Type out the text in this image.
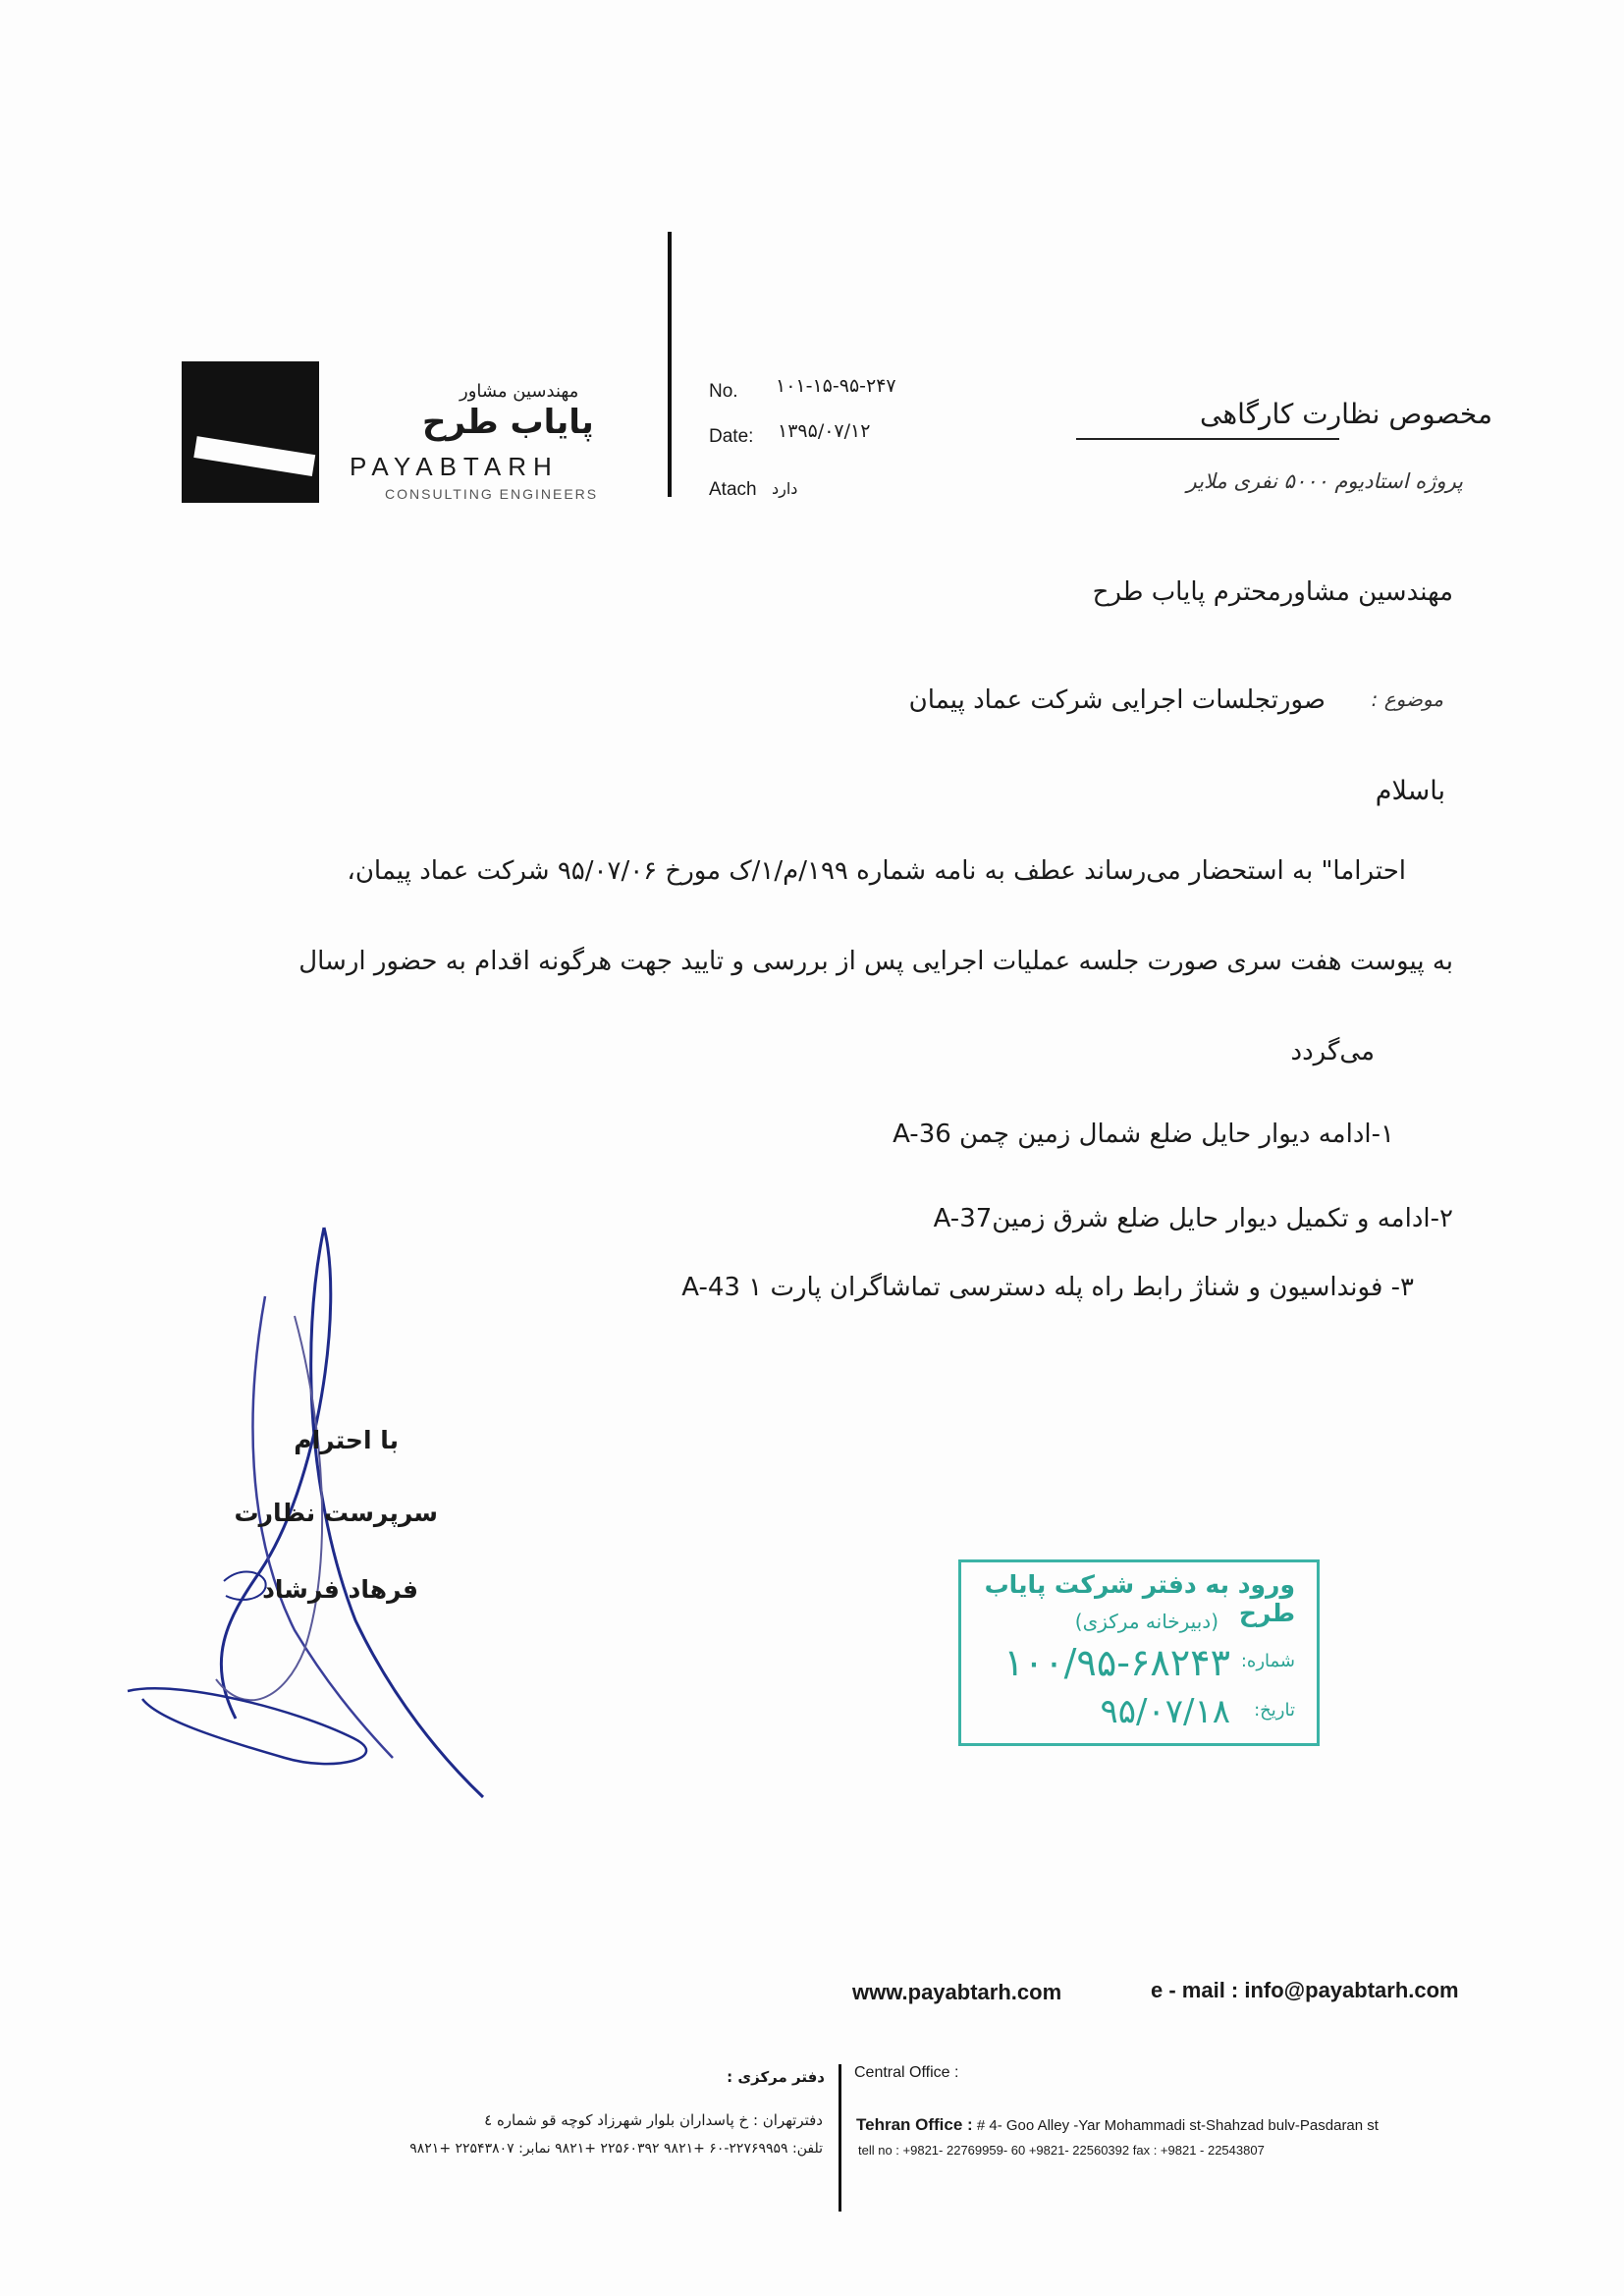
مهندسین مشاور
پایاب طرح
PAYABTARH
CONSULTING ENGINEERS
No. ۱۰۱-۱۵-۹۵-۲۴۷
Date: ۱۳۹۵/۰۷/۱۲
Atach دارد
مخصوص نظارت کارگاهی
پروژه استادیوم ۵۰۰۰ نفری ملایر
مهندسین مشاورمحترم پایاب طرح
موضوع :
صورتجلسات اجرایی شرکت عماد پیمان
باسلام
احتراما" به استحضار می‌رساند عطف به نامه شماره ۱۹۹/م/۱/ک مورخ ۹۵/۰۷/۰۶ شرکت عماد پیمان،
به پیوست هفت سری صورت جلسه عملیات اجرایی پس از بررسی و تایید جهت هرگونه اقدام به حضور ارسال
می‌گردد
۱-ادامه دیوار حایل ضلع شمال زمین چمن A-36
۲-ادامه و تکمیل دیوار حایل ضلع شرق زمینA-37
۳- فونداسیون و شناژ رابط راه پله دسترسی تماشاگران پارت ۱ A-43
با احترام
سرپرست نظارت
فرهاد فرشاد	ورود به دفتر شرکت پایاب طرح
(دبیرخانه مرکزی)
شماره:
۱۰۰/۹۵-۶۸۲۴۳
تاریخ:
۹۵/۰۷/۱۸
www.payabtarh.com	e - mail : info@payabtarh.com
دفتر مرکزی : Central Office :
دفترتهران : خ پاسداران بلوار شهرزاد کوچه قو شماره ٤
تلفن: ۲۲۷۶۹۹۵۹-۶۰ +۹۸۲۱ ۲۲۵۶۰۳۹۲ +۹۸۲۱ نمابر: ۲۲۵۴۳۸۰۷ +۹۸۲۱
Tehran Office : # 4- Goo Alley -Yar Mohammadi st-Shahzad bulv-Pasdaran st
tell no : +9821- 22769959- 60 +9821- 22560392 fax : +9821 - 22543807
